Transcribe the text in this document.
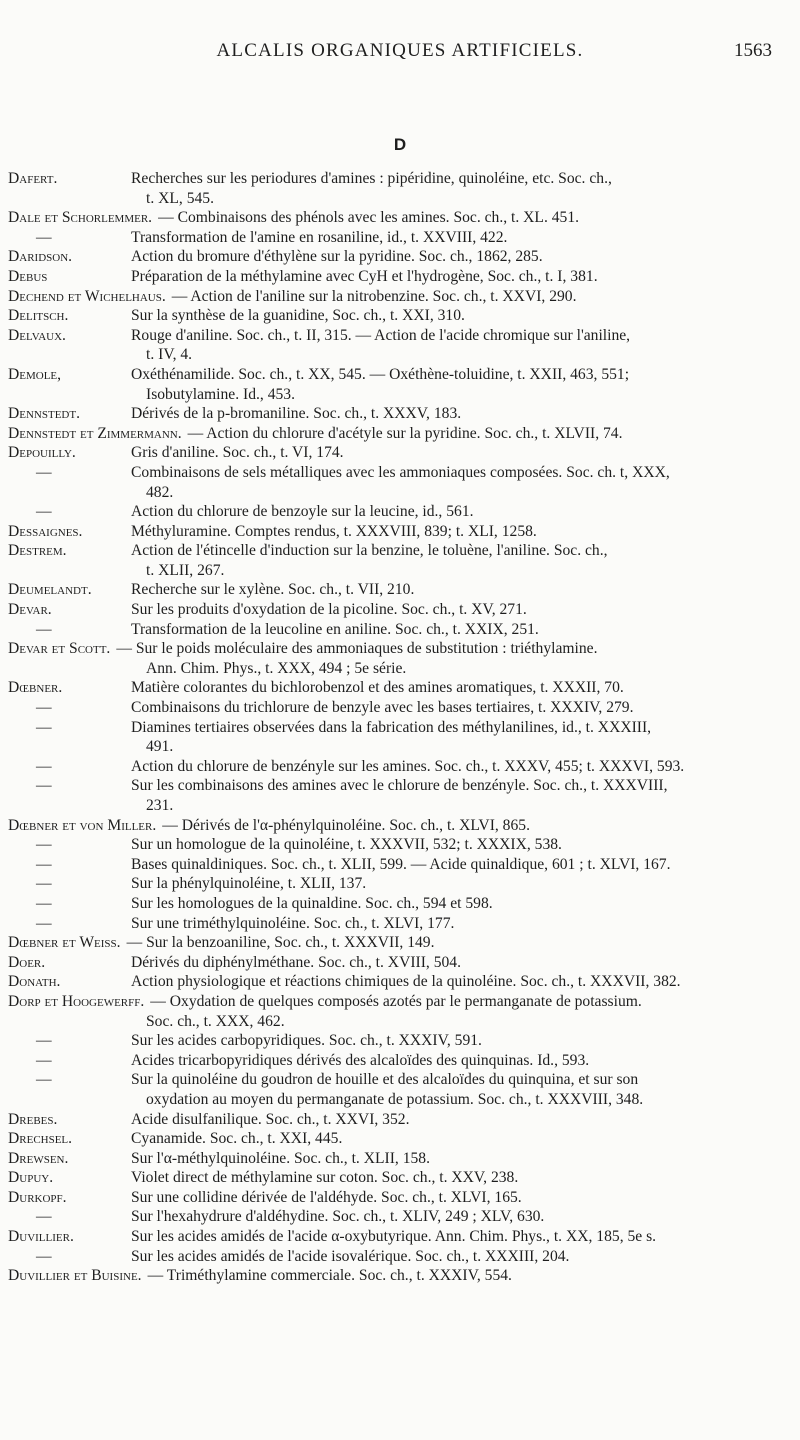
ALCALIS ORGANIQUES ARTIFICIELS.	1563
D
Dafert.	Recherches sur les periodures d'amines : pipéridine, quinoléine, etc. Soc. ch.,
t. XL, 545.
Dale et Schorlemmer. — Combinaisons des phénols avec les amines. Soc. ch., t. XL. 451.
—	Transformation de l'amine en rosaniline, id., t. XXVIII, 422.
Daridson.	Action du bromure d'éthylène sur la pyridine. Soc. ch., 1862, 285.
Debus	Préparation de la méthylamine avec CyH et l'hydrogène, Soc. ch., t. I, 381.
Dechend et Wichelhaus. — Action de l'aniline sur la nitrobenzine. Soc. ch., t. XXVI, 290.
Delitsch.	Sur la synthèse de la guanidine, Soc. ch., t. XXI, 310.
Delvaux.	Rouge d'aniline. Soc. ch., t. II, 315. — Action de l'acide chromique sur l'aniline,
t. IV, 4.
Demole,	Oxéthénamilide. Soc. ch., t. XX, 545. — Oxéthène-toluidine, t. XXII, 463, 551;
Isobutylamine. Id., 453.
Dennstedt.	Dérivés de la p-bromaniline. Soc. ch., t. XXXV, 183.
Dennstedt et Zimmermann. — Action du chlorure d'acétyle sur la pyridine. Soc. ch., t. XLVII, 74.
Depouilly.	Gris d'aniline. Soc. ch., t. VI, 174.
—	Combinaisons de sels métalliques avec les ammoniaques composées. Soc. ch. t, XXX,
482.
—	Action du chlorure de benzoyle sur la leucine, id., 561.
Dessaignes.	Méthyluramine. Comptes rendus, t. XXXVIII, 839; t. XLI, 1258.
Destrem.	Action de l'étincelle d'induction sur la benzine, le toluène, l'aniline. Soc. ch.,
t. XLII, 267.
Deumelandt.	Recherche sur le xylène. Soc. ch., t. VII, 210.
Devar.	Sur les produits d'oxydation de la picoline. Soc. ch., t. XV, 271.
—	Transformation de la leucoline en aniline. Soc. ch., t. XXIX, 251.
Devar et Scott. — Sur le poids moléculaire des ammoniaques de substitution : triéthylamine.
Ann. Chim. Phys., t. XXX, 494 ; 5e série.
Dœbner.	Matière colorantes du bichlorobenzol et des amines aromatiques, t. XXXII, 70.
—	Combinaisons du trichlorure de benzyle avec les bases tertiaires, t. XXXIV, 279.
—	Diamines tertiaires observées dans la fabrication des méthylanilines, id., t. XXXIII,
491.
—	Action du chlorure de benzényle sur les amines. Soc. ch., t. XXXV, 455; t. XXXVI, 593.
—	Sur les combinaisons des amines avec le chlorure de benzényle. Soc. ch., t. XXXVIII,
231.
Dœbner et von Miller. — Dérivés de l'α-phénylquinoléine. Soc. ch., t. XLVI, 865.
—	Sur un homologue de la quinoléine, t. XXXVII, 532; t. XXXIX, 538.
—	Bases quinaldiniques. Soc. ch., t. XLII, 599. — Acide quinaldique, 601 ; t. XLVI, 167.
—	Sur la phénylquinoléine, t. XLII, 137.
—	Sur les homologues de la quinaldine. Soc. ch., 594 et 598.
—	Sur une triméthylquinoléine. Soc. ch., t. XLVI, 177.
Dœbner et Weiss. — Sur la benzoaniline, Soc. ch., t. XXXVII, 149.
Doer.	Dérivés du diphénylméthane. Soc. ch., t. XVIII, 504.
Donath.	Action physiologique et réactions chimiques de la quinoléine. Soc. ch., t. XXXVII, 382.
Dorp et Hoogewerff. — Oxydation de quelques composés azotés par le permanganate de potassium.
Soc. ch., t. XXX, 462.
—	Sur les acides carbopyridiques. Soc. ch., t. XXXIV, 591.
—	Acides tricarbopyridiques dérivés des alcaloïdes des quinquinas. Id., 593.
—	Sur la quinoléine du goudron de houille et des alcaloïdes du quinquina, et sur son
oxydation au moyen du permanganate de potassium. Soc. ch., t. XXXVIII, 348.
Drebes.	Acide disulfanilique. Soc. ch., t. XXVI, 352.
Drechsel.	Cyanamide. Soc. ch., t. XXI, 445.
Drewsen.	Sur l'α-méthylquinoléine. Soc. ch., t. XLII, 158.
Dupuy.	Violet direct de méthylamine sur coton. Soc. ch., t. XXV, 238.
Durkopf.	Sur une collidine dérivée de l'aldéhyde. Soc. ch., t. XLVI, 165.
—	Sur l'hexahydrure d'aldéhydine. Soc. ch., t. XLIV, 249 ; XLV, 630.
Duvillier.	Sur les acides amidés de l'acide α-oxybutyrique. Ann. Chim. Phys., t. XX, 185, 5e s.
—	Sur les acides amidés de l'acide isovalérique. Soc. ch., t. XXXIII, 204.
Duvillier et Buisine. — Triméthylamine commerciale. Soc. ch., t. XXXIV, 554.
